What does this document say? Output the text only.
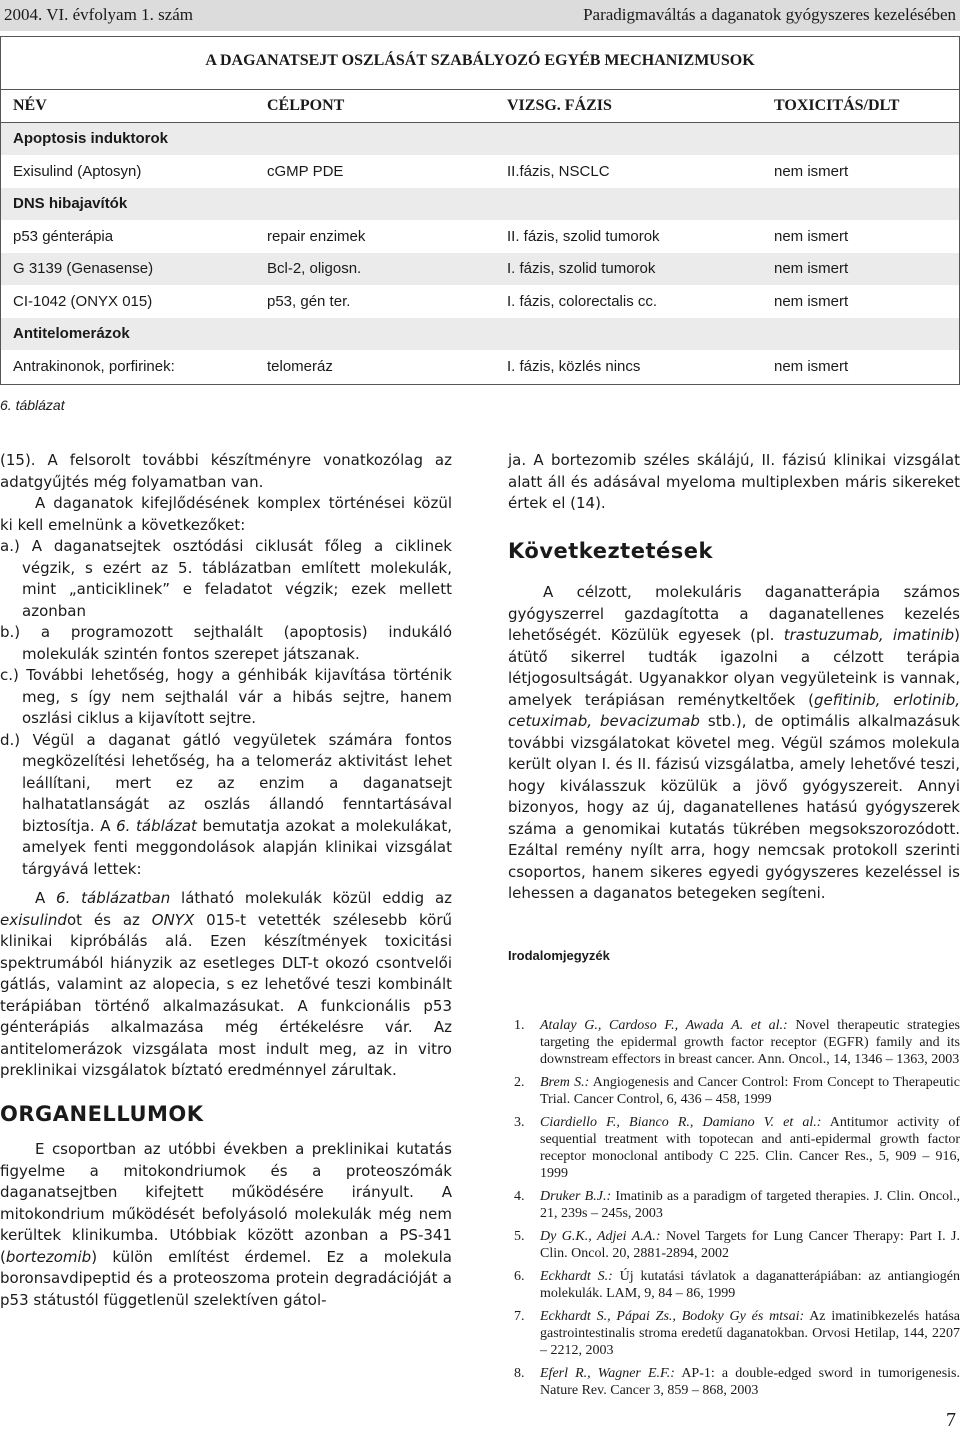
2004. VI. évfolyam 1. szám	Paradigmaváltás a daganatok gyógyszeres kezelésében
A DAGANATSEJT OSZLÁSÁT SZABÁLYOZÓ EGYÉB MECHANIZMUSOK
NÉV	CÉLPONT	VIZSG. FÁZIS	TOXICITÁS/DLT
Apoptosis induktorok
Exisulind (Aptosyn)	cGMP PDE	II.fázis, NSCLC	nem ismert
DNS hibajavítók
p53 génterápia	repair enzimek	II. fázis, szolid tumorok	nem ismert
G 3139 (Genasense)	Bcl-2, oligosn.	I. fázis, szolid tumorok	nem ismert
CI-1042 (ONYX 015)	p53, gén ter.	I. fázis, colorectalis cc.	nem ismert
Antitelomerázok
Antrakinonok, porfirinek:	telomeráz	I. fázis, közlés nincs	nem ismert
6. táblázat

(15). A felsorolt további készítményre vonatkozólag az adatgyűjtés még folyamatban van.

A daganatok kifejlődésének komplex történései közül ki kell emelnünk a következőket:

a.) A daganatsejtek osztódási ciklusát főleg a ciklinek végzik, s ezért az 5. táblázatban említett molekulák, mint „anticiklinek” e feladatot végzik; ezek mellett azonban

b.) a programozott sejthalált (apoptosis) indukáló molekulák szintén fontos szerepet játszanak.

c.) További lehetőség, hogy a génhibák kijavítása történik meg, s így nem sejthalál vár a hibás sejtre, hanem oszlási ciklus a kijavított sejtre.

d.) Végül a daganat gátló vegyületek számára fontos megközelítési lehetőség, ha a telomeráz aktivitást lehet leállítani, mert ez az enzim a daganatsejt halhatatlanságát az oszlás állandó fenntartásával biztosítja. A 6. táblázat bemutatja azokat a molekulákat, amelyek fenti meggondolások alapján klinikai vizsgálat tárgyává lettek:

A 6. táblázatban látható molekulák közül eddig az exisulindot és az ONYX 015-t vetették szélesebb körű klinikai kipróbálás alá. Ezen készítmények toxicitási spektrumából hiányzik az esetleges DLT-t okozó csontvelői gátlás, valamint az alopecia, s ez lehetővé teszi kombinált terápiában történő alkalmazásukat. A funkcionális p53 génterápiás alkalmazása még értékelésre vár. Az antitelomerázok vizsgálata most indult meg, az in vitro preklinikai vizsgálatok bíztató eredménnyel zárultak.

ORGANELLUMOK

E csoportban az utóbbi években a preklinikai kutatás figyelme a mitokondriumok és a proteoszómák daganatsejtben kifejtett működésére irányult. A mitokondrium működését befolyásoló molekulák még nem kerültek klinikumba. Utóbbiak között azonban a PS-341 (bortezomib) külön említést érdemel. Ez a molekula boronsavdipeptid és a proteoszoma protein degradációját a p53 státustól függetlenül szelektíven gátol-

ja. A bortezomib széles skálájú, II. fázisú klinikai vizsgálat alatt áll és adásával myeloma multiplexben máris sikereket értek el (14).

Következtetések

A célzott, molekuláris daganatterápia számos gyógyszerrel gazdagította a daganatellenes kezelés lehetőségét. Közülük egyesek (pl. trastuzumab, imatinib) átütő sikerrel tudták igazolni a célzott terápia létjogosultságát. Ugyanakkor olyan vegyületeink is vannak, amelyek terápiásan reménytkeltőek (gefitinib, erlotinib, cetuximab, bevacizumab stb.), de optimális alkalmazásuk további vizsgálatokat követel meg. Végül számos molekula került olyan I. és II. fázisú vizsgálatba, amely lehetővé teszi, hogy kiválasszuk közülük a jövő gyógyszereit. Annyi bizonyos, hogy az új, daganatellenes hatású gyógyszerek száma a genomikai kutatás tükrében megsokszorozódott. Ezáltal remény nyílt arra, hogy nemcsak protokoll szerinti csoportos, hanem sikeres egyedi gyógyszeres kezeléssel is lehessen a daganatos betegeken segíteni.

Irodalomjegyzék
1. Atalay G., Cardoso F., Awada A. et al.: Novel therapeutic strategies targeting the epidermal growth factor receptor (EGFR) family and its downstream effectors in breast cancer. Ann. Oncol., 14, 1346 – 1363, 2003
2. Brem S.: Angiogenesis and Cancer Control: From Concept to Therapeutic Trial. Cancer Control, 6, 436 – 458, 1999
3. Ciardiello F., Bianco R., Damiano V. et al.: Antitumor activity of sequential treatment with topotecan and anti-epidermal growth factor receptor monoclonal antibody C 225. Clin. Cancer Res., 5, 909 – 916, 1999
4. Druker B.J.: Imatinib as a paradigm of targeted therapies. J. Clin. Oncol., 21, 239s – 245s, 2003
5. Dy G.K., Adjei A.A.: Novel Targets for Lung Cancer Therapy: Part I. J. Clin. Oncol. 20, 2881-2894, 2002
6. Eckhardt S.: Új kutatási távlatok a daganatterápiában: az antiangiogén molekulák. LAM, 9, 84 – 86, 1999
7. Eckhardt S., Pápai Zs., Bodoky Gy és mtsai: Az imatinibkezelés hatása gastrointestinalis stroma eredetű daganatokban. Orvosi Hetilap, 144, 2207 – 2212, 2003
8. Eferl R., Wagner E.F.: AP-1: a double-edged sword in tumorigenesis. Nature Rev. Cancer 3, 859 – 868, 2003
7
